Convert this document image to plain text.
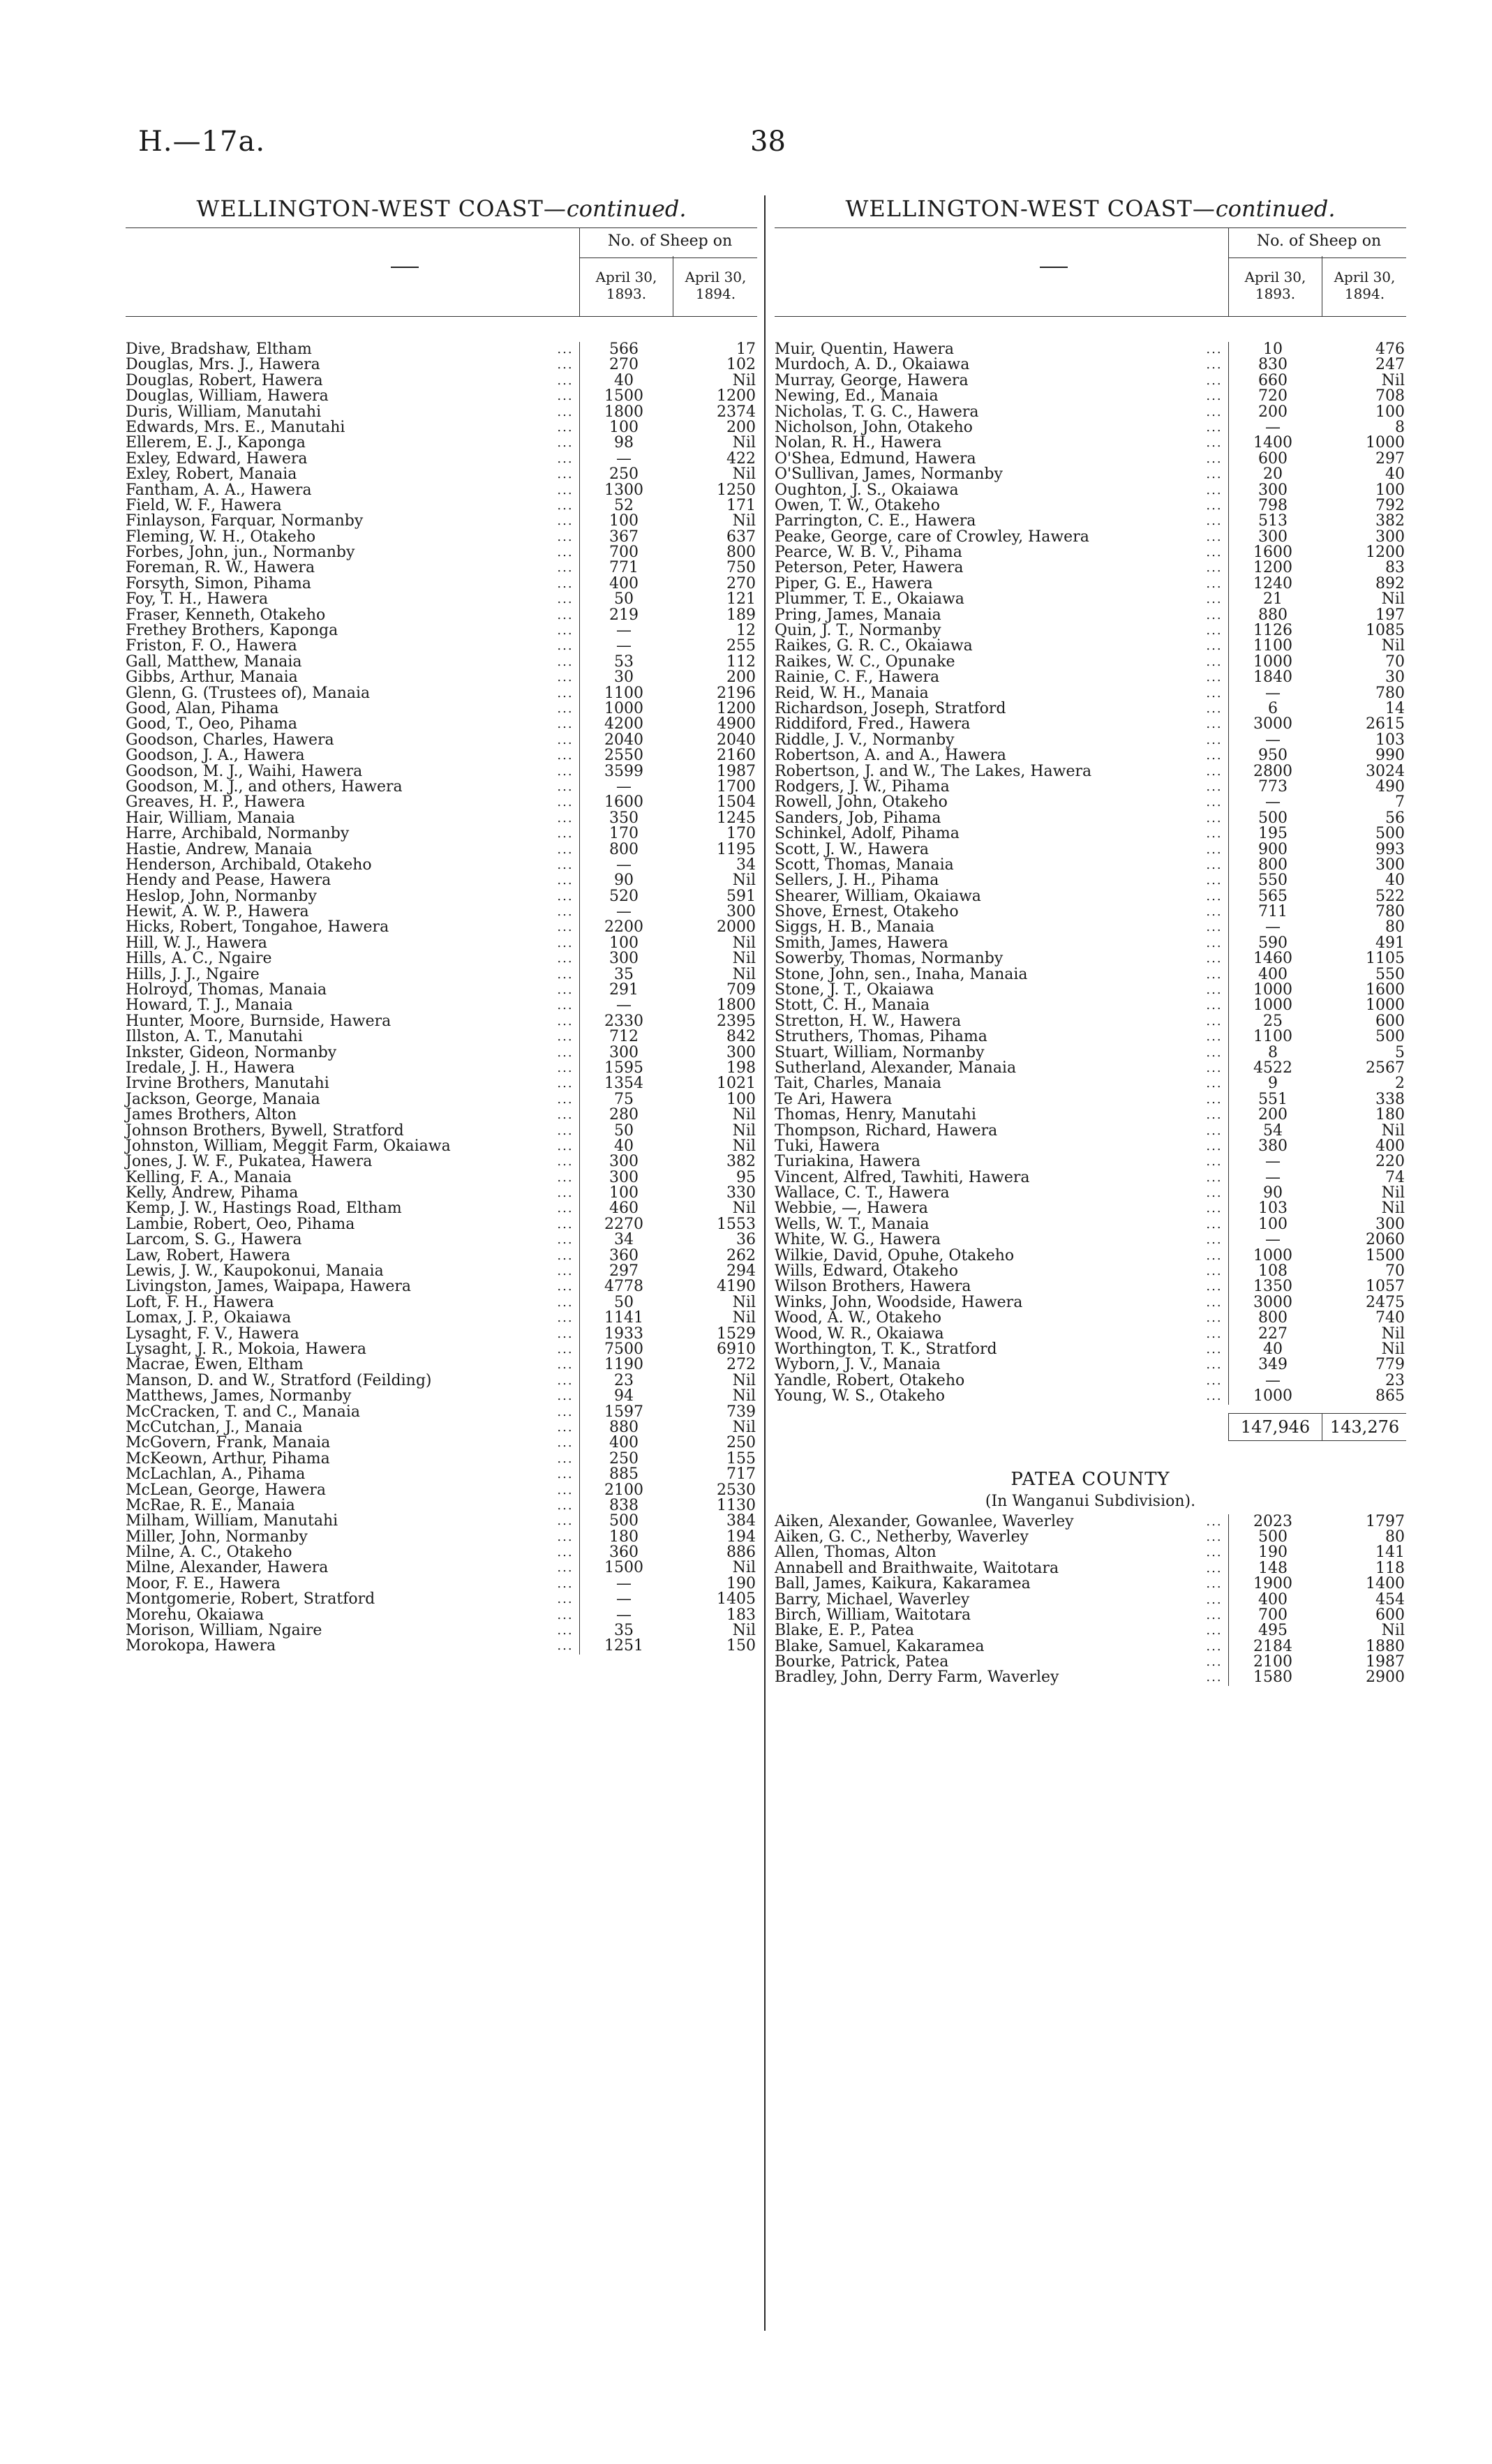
H.—17a.	38
WELLINGTON-WEST COAST—continued.
No. of Sheep on
April 30, 1893.
April 30, 1894.
Dive, Bradshaw, Eltham	...	566	17
Douglas, Mrs. J., Hawera	...	270	102
Douglas, Robert, Hawera	...	40	Nil
Douglas, William, Hawera	...	1500	1200
Duris, William, Manutahi	...	1800	2374
Edwards, Mrs. E., Manutahi	...	100	200
Ellerem, E. J., Kaponga	...	98	Nil
Exley, Edward, Hawera	...	—	422
Exley, Robert, Manaia	...	250	Nil
Fantham, A. A., Hawera	...	1300	1250
Field, W. F., Hawera	...	52	171
Finlayson, Farquar, Normanby	...	100	Nil
Fleming, W. H., Otakeho	...	367	637
Forbes, John, jun., Normanby	...	700	800
Foreman, R. W., Hawera	...	771	750
Forsyth, Simon, Pihama	...	400	270
Foy, T. H., Hawera	...	50	121
Fraser, Kenneth, Otakeho	...	219	189
Frethey Brothers, Kaponga	...	—	12
Friston, F. O., Hawera	...	—	255
Gall, Matthew, Manaia	...	53	112
Gibbs, Arthur, Manaia	...	30	200
Glenn, G. (Trustees of), Manaia	...	1100	2196
Good, Alan, Pihama	...	1000	1200
Good, T., Oeo, Pihama	...	4200	4900
Goodson, Charles, Hawera	...	2040	2040
Goodson, J. A., Hawera	...	2550	2160
Goodson, M. J., Waihi, Hawera	...	3599	1987
Goodson, M. J., and others, Hawera	...	—	1700
Greaves, H. P., Hawera	...	1600	1504
Hair, William, Manaia	...	350	1245
Harre, Archibald, Normanby	...	170	170
Hastie, Andrew, Manaia	...	800	1195
Henderson, Archibald, Otakeho	...	—	34
Hendy and Pease, Hawera	...	90	Nil
Heslop, John, Normanby	...	520	591
Hewit, A. W. P., Hawera	...	—	300
Hicks, Robert, Tongahoe, Hawera	...	2200	2000
Hill, W. J., Hawera	...	100	Nil
Hills, A. C., Ngaire	...	300	Nil
Hills, J. J., Ngaire	...	35	Nil
Holroyd, Thomas, Manaia	...	291	709
Howard, T. J., Manaia	...	—	1800
Hunter, Moore, Burnside, Hawera	...	2330	2395
Illston, A. T., Manutahi	...	712	842
Inkster, Gideon, Normanby	...	300	300
Iredale, J. H., Hawera	...	1595	198
Irvine Brothers, Manutahi	...	1354	1021
Jackson, George, Manaia	...	75	100
James Brothers, Alton	...	280	Nil
Johnson Brothers, Bywell, Stratford	...	50	Nil
Johnston, William, Meggit Farm, Okaiawa	...	40	Nil
Jones, J. W. F., Pukatea, Hawera	...	300	382
Kelling, F. A., Manaia	...	300	95
Kelly, Andrew, Pihama	...	100	330
Kemp, J. W., Hastings Road, Eltham	...	460	Nil
Lambie, Robert, Oeo, Pihama	...	2270	1553
Larcom, S. G., Hawera	...	34	36
Law, Robert, Hawera	...	360	262
Lewis, J. W., Kaupokonui, Manaia	...	297	294
Livingston, James, Waipapa, Hawera	...	4778	4190
Loft, F. H., Hawera	...	50	Nil
Lomax, J. P., Okaiawa	...	1141	Nil
Lysaght, F. V., Hawera	...	1933	1529
Lysaght, J. R., Mokoia, Hawera	...	7500	6910
Macrae, Ewen, Eltham	...	1190	272
Manson, D. and W., Stratford (Feilding)	...	23	Nil
Matthews, James, Normanby	...	94	Nil
McCracken, T. and C., Manaia	...	1597	739
McCutchan, J., Manaia	...	880	Nil
McGovern, Frank, Manaia	...	400	250
McKeown, Arthur, Pihama	...	250	155
McLachlan, A., Pihama	...	885	717
McLean, George, Hawera	...	2100	2530
McRae, R. E., Manaia	...	838	1130
Milham, William, Manutahi	...	500	384
Miller, John, Normanby	...	180	194
Milne, A. C., Otakeho	...	360	886
Milne, Alexander, Hawera	...	1500	Nil
Moor, F. E., Hawera	...	—	190
Montgomerie, Robert, Stratford	...	—	1405
Morehu, Okaiawa	...	—	183
Morison, William, Ngaire	...	35	Nil
Morokopa, Hawera	...	1251	150
WELLINGTON-WEST COAST—continued.
No. of Sheep on
April 30, 1893.
April 30, 1894.
Muir, Quentin, Hawera	...	10	476
Murdoch, A. D., Okaiawa	...	830	247
Murray, George, Hawera	...	660	Nil
Newing, Ed., Manaia	...	720	708
Nicholas, T. G. C., Hawera	...	200	100
Nicholson, John, Otakeho	...	—	8
Nolan, R. H., Hawera	...	1400	1000
O'Shea, Edmund, Hawera	...	600	297
O'Sullivan, James, Normanby	...	20	40
Oughton, J. S., Okaiawa	...	300	100
Owen, T. W., Otakeho	...	798	792
Parrington, C. E., Hawera	...	513	382
Peake, George, care of Crowley, Hawera	...	300	300
Pearce, W. B. V., Pihama	...	1600	1200
Peterson, Peter, Hawera	...	1200	83
Piper, G. E., Hawera	...	1240	892
Plummer, T. E., Okaiawa	...	21	Nil
Pring, James, Manaia	...	880	197
Quin, J. T., Normanby	...	1126	1085
Raikes, G. R. C., Okaiawa	...	1100	Nil
Raikes, W. C., Opunake	...	1000	70
Rainie, C. F., Hawera	...	1840	30
Reid, W. H., Manaia	...	—	780
Richardson, Joseph, Stratford	...	6	14
Riddiford, Fred., Hawera	...	3000	2615
Riddle, J. V., Normanby	...	—	103
Robertson, A. and A., Hawera	...	950	990
Robertson, J. and W., The Lakes, Hawera	...	2800	3024
Rodgers, J. W., Pihama	...	773	490
Rowell, John, Otakeho	...	—	7
Sanders, Job, Pihama	...	500	56
Schinkel, Adolf, Pihama	...	195	500
Scott, J. W., Hawera	...	900	993
Scott, Thomas, Manaia	...	800	300
Sellers, J. H., Pihama	...	550	40
Shearer, William, Okaiawa	...	565	522
Shove, Ernest, Otakeho	...	711	780
Siggs, H. B., Manaia	...	—	80
Smith, James, Hawera	...	590	491
Sowerby, Thomas, Normanby	...	1460	1105
Stone, John, sen., Inaha, Manaia	...	400	550
Stone, J. T., Okaiawa	...	1000	1600
Stott, C. H., Manaia	...	1000	1000
Stretton, H. W., Hawera	...	25	600
Struthers, Thomas, Pihama	...	1100	500
Stuart, William, Normanby	...	8	5
Sutherland, Alexander, Manaia	...	4522	2567
Tait, Charles, Manaia	...	9	2
Te Ari, Hawera	...	551	338
Thomas, Henry, Manutahi	...	200	180
Thompson, Richard, Hawera	...	54	Nil
Tuki, Hawera	...	380	400
Turiakina, Hawera	...	—	220
Vincent, Alfred, Tawhiti, Hawera	...	—	74
Wallace, C. T., Hawera	...	90	Nil
Webbie, —, Hawera	...	103	Nil
Wells, W. T., Manaia	...	100	300
White, W. G., Hawera	...	—	2060
Wilkie, David, Opuhe, Otakeho	...	1000	1500
Wills, Edward, Otakeho	...	108	70
Wilson Brothers, Hawera	...	1350	1057
Winks, John, Woodside, Hawera	...	3000	2475
Wood, A. W., Otakeho	...	800	740
Wood, W. R., Okaiawa	...	227	Nil
Worthington, T. K., Stratford	...	40	Nil
Wyborn, J. V., Manaia	...	349	779
Yandle, Robert, Otakeho	...	—	23
Young, W. S., Otakeho	...	1000	865
147,946	143,276
PATEA COUNTY
(In Wanganui Subdivision).
Aiken, Alexander, Gowanlee, Waverley	...	2023	1797
Aiken, G. C., Netherby, Waverley	...	500	80
Allen, Thomas, Alton	...	190	141
Annabell and Braithwaite, Waitotara	...	148	118
Ball, James, Kaikura, Kakaramea	...	1900	1400
Barry, Michael, Waverley	...	400	454
Birch, William, Waitotara	...	700	600
Blake, E. P., Patea	...	495	Nil
Blake, Samuel, Kakaramea	...	2184	1880
Bourke, Patrick, Patea	...	2100	1987
Bradley, John, Derry Farm, Waverley	...	1580	2900
